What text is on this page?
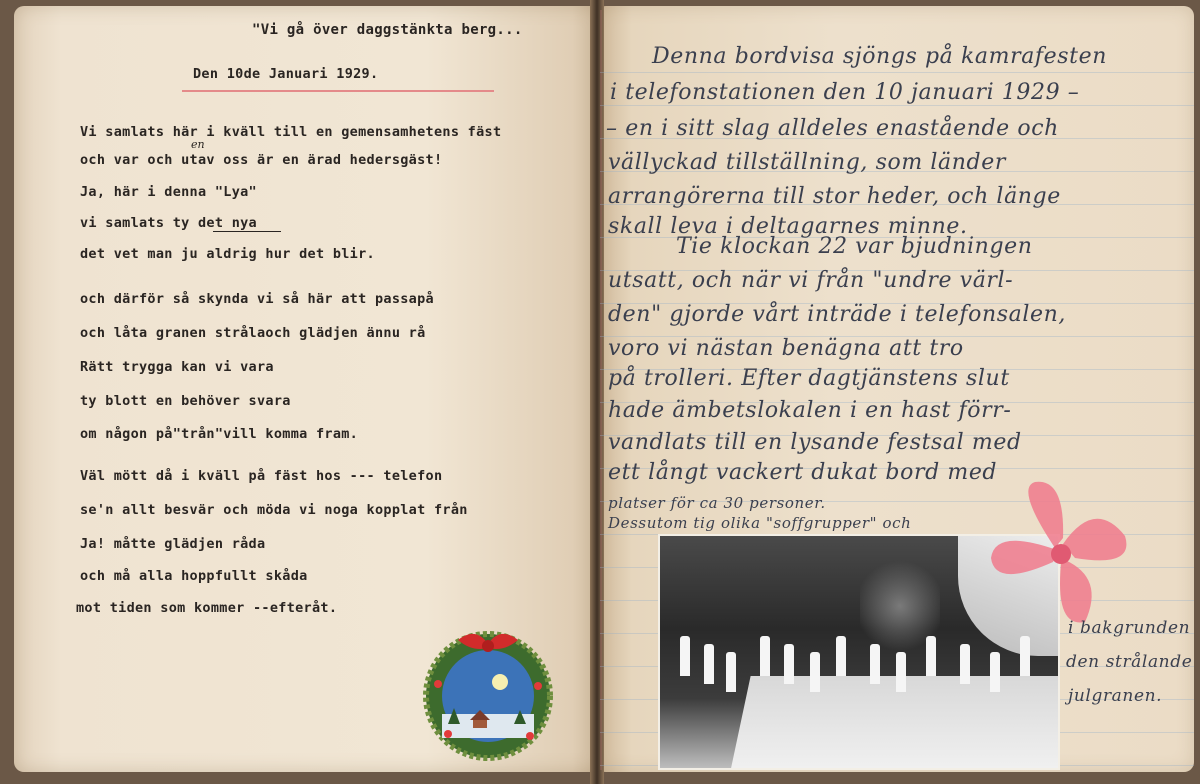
"Vi gå över daggstänkta berg...
Den 10de Januari 1929.
en
Vi samlats här i kväll till en gemensamhetens fäst
och var och utav oss är en ärad hedersgäst!
Ja, här i denna "Lya"
vi samlats ty det nya
det vet man ju aldrig hur det blir.
och därför så skynda vi så här att passapå
och låta granen strålaoch glädjen ännu rå
Rätt trygga kan vi vara
ty blott en behöver svara
om någon på"trån"vill komma fram.
Väl mött då i kväll på fäst hos --- telefon
se'n allt besvär och möda vi noga kopplat från
Ja! måtte glädjen råda
och må alla hoppfullt skåda
mot tiden som kommer --efteråt.
Denna bordvisa sjöngs på kamrafesten
i telefonstationen den 10 januari 1929 –
– en i sitt slag alldeles enastående och
vällyckad tillställning, som länder
arrangörerna till stor heder, och länge
skall leva i deltagarnes minne.
Tie klockan 22 var bjudningen
utsatt, och när vi från "undre värl-
den" gjorde vårt inträde i telefonsalen,
voro vi nästan benägna att tro
på trolleri. Efter dagtjänstens slut
hade ämbetslokalen i en hast förr-
vandlats till en lysande festsal med
ett långt vackert dukat bord med
platser för ca 30 personer.
Dessutom tig olika "soffgrupper" och
i bakgrunden
den strålande
julgranen.
